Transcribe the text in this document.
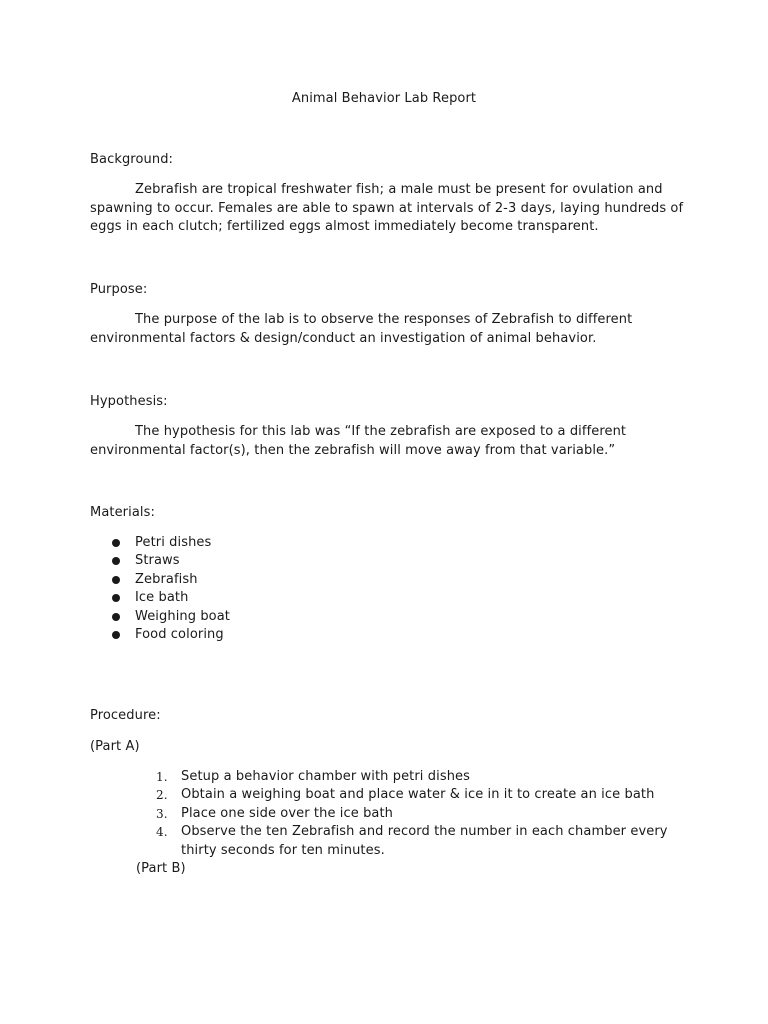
Animal Behavior Lab Report
Background:
Zebrafish are tropical freshwater fish; a male must be present for ovulation and spawning to occur. Females are able to spawn at intervals of 2-3 days, laying hundreds of eggs in each clutch; fertilized eggs almost immediately become transparent.
Purpose:
The purpose of the lab is to observe the responses of Zebrafish to different environmental factors & design/conduct an investigation of animal behavior.
Hypothesis:
The hypothesis for this lab was “If the zebrafish are exposed to a different environmental factor(s), then the zebrafish will move away from that variable.”
Materials:
Petri dishes
Straws
Zebrafish
Ice bath
Weighing boat
Food coloring
Procedure:
(Part A)
1. Setup a behavior chamber with petri dishes
2. Obtain a weighing boat and place water & ice in it to create an ice bath
3. Place one side over the ice bath
4. Observe the ten Zebrafish and record the number in each chamber every thirty seconds for ten minutes.
(Part B)
